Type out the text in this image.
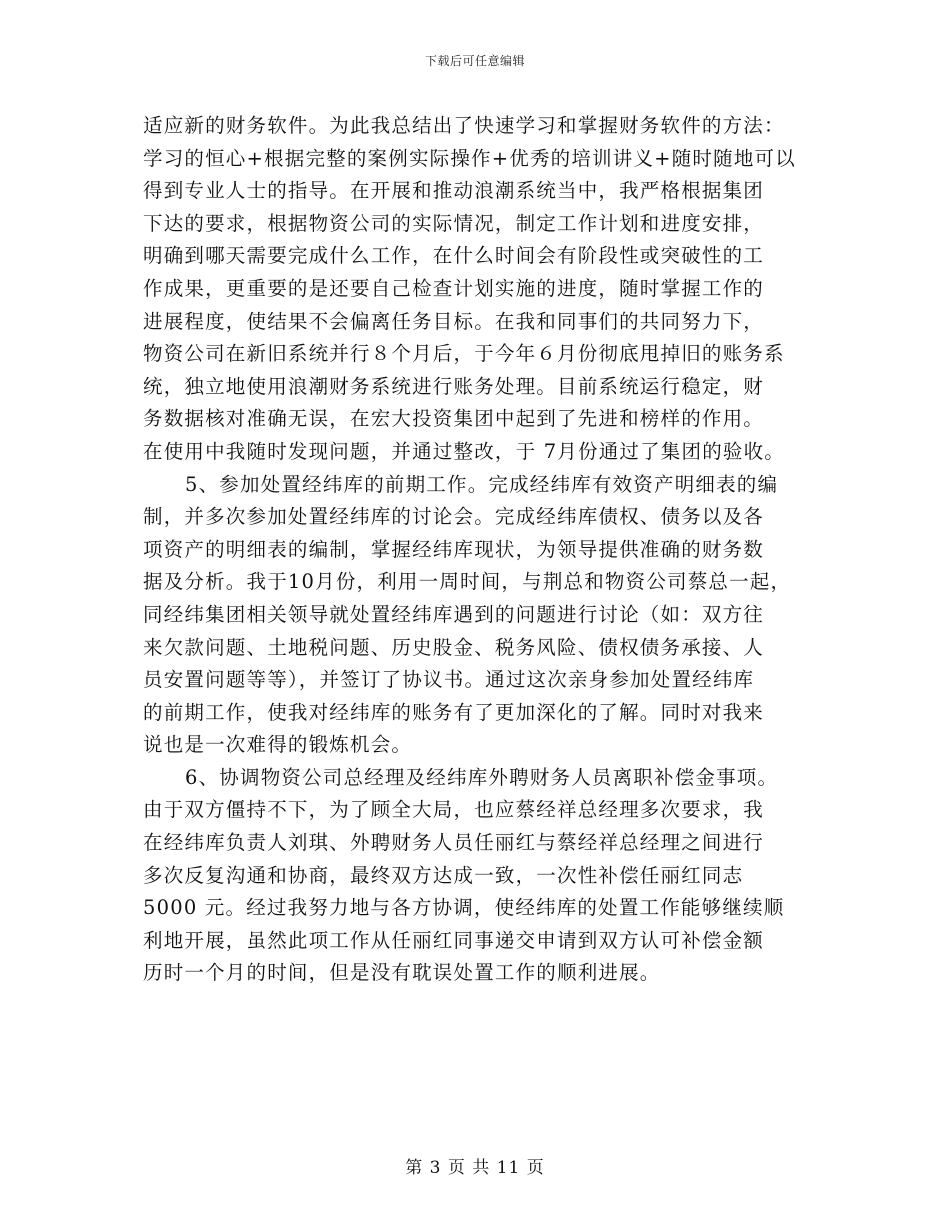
下载后可任意编辑
适应新的财务软件。为此我总结出了快速学习和掌握财务软件的方法：
学习的恒心+根据完整的案例实际操作+优秀的培训讲义+随时随地可以
得到专业人士的指导。在开展和推动浪潮系统当中，我严格根据集团
下达的要求，根据物资公司的实际情况，制定工作计划和进度安排，
明确到哪天需要完成什么工作，在什么时间会有阶段性或突破性的工
作成果，更重要的是还要自己检查计划实施的进度，随时掌握工作的
进展程度，使结果不会偏离任务目标。在我和同事们的共同努力下，
物资公司在新旧系统并行８个月后，于今年６月份彻底甩掉旧的账务系
统，独立地使用浪潮财务系统进行账务处理。目前系统运行稳定，财
务数据核对准确无误，在宏大投资集团中起到了先进和榜样的作用。
在使用中我随时发现问题，并通过整改，于 7月份通过了集团的验收。
5、参加处置经纬库的前期工作。完成经纬库有效资产明细表的编
制，并多次参加处置经纬库的讨论会。完成经纬库债权、债务以及各
项资产的明细表的编制，掌握经纬库现状，为领导提供准确的财务数
据及分析。我于10月份，利用一周时间，与荆总和物资公司蔡总一起，
同经纬集团相关领导就处置经纬库遇到的问题进行讨论（如：双方往
来欠款问题、土地税问题、历史股金、税务风险、债权债务承接、人
员安置问题等等），并签订了协议书。通过这次亲身参加处置经纬库
的前期工作，使我对经纬库的账务有了更加深化的了解。同时对我来
说也是一次难得的锻炼机会。
6、协调物资公司总经理及经纬库外聘财务人员离职补偿金事项。
由于双方僵持不下，为了顾全大局，也应蔡经祥总经理多次要求，我
在经纬库负责人刘琪、外聘财务人员任丽红与蔡经祥总经理之间进行
多次反复沟通和协商，最终双方达成一致，一次性补偿任丽红同志
5000 元。经过我努力地与各方协调，使经纬库的处置工作能够继续顺
利地开展，虽然此项工作从任丽红同事递交申请到双方认可补偿金额
历时一个月的时间，但是没有耽误处置工作的顺利进展。
第 3 页 共 11 页
